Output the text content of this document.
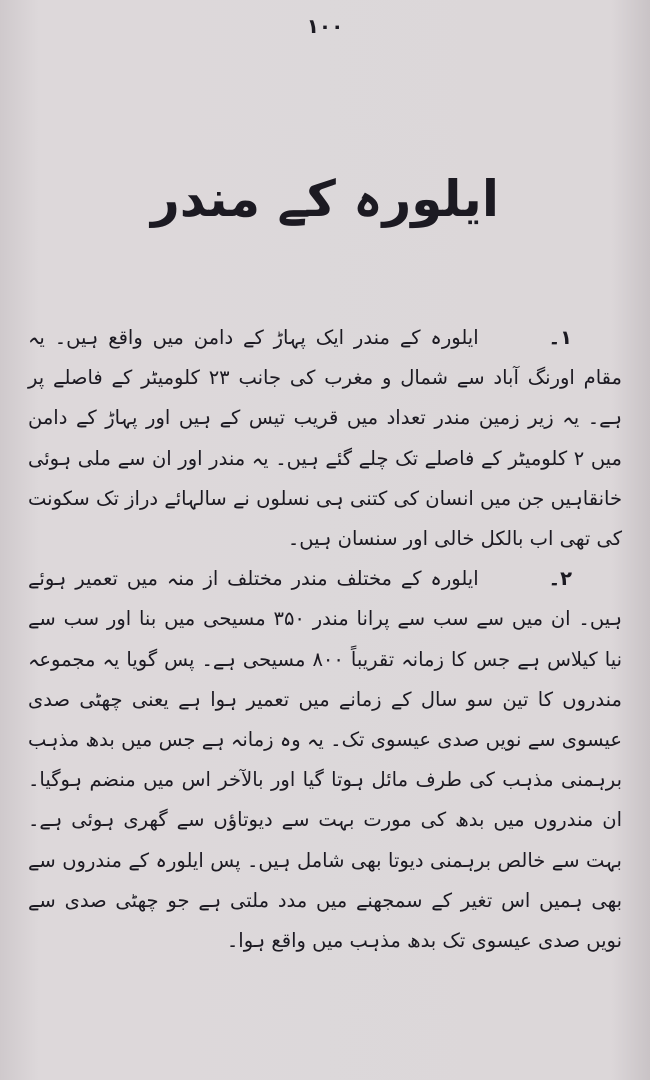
۱۰۰
ایلورہ کے مندر

۱۔ایلورہ کے مندر ایک پہاڑ کے دامن میں واقع ہیں۔ یہ مقام اورنگ آباد سے شمال و مغرب کی جانب ۲۳ کلومیٹر کے فاصلے پر ہے۔ یہ زیر زمین مندر تعداد میں قریب تیس کے ہیں اور پہاڑ کے دامن میں ۲ کلومیٹر کے فاصلے تک چلے گئے ہیں۔ یہ مندر اور ان سے ملی ہوئی خانقاہیں جن میں انسان کی کتنی ہی نسلوں نے سالہائے دراز تک سکونت کی تھی اب بالکل خالی اور سنسان ہیں۔

۲۔ایلورہ کے مختلف مندر مختلف از منہ میں تعمیر ہوئے ہیں۔ ان میں سے سب سے پرانا مندر ۳۵۰ مسیحی میں بنا اور سب سے نیا کیلاس ہے جس کا زمانہ تقریباً ۸۰۰ مسیحی ہے۔ پس گویا یہ مجموعہ مندروں کا تین سو سال کے زمانے میں تعمیر ہوا ہے یعنی چھٹی صدی عیسوی سے نویں صدی عیسوی تک۔ یہ وہ زمانہ ہے جس میں بدھ مذہب برہمنی مذہب کی طرف مائل ہوتا گیا اور بالآخر اس میں منضم ہوگیا۔ ان مندروں میں بدھ کی مورت بہت سے دیوتاؤں سے گھری ہوئی ہے۔ بہت سے خالص برہمنی دیوتا بھی شامل ہیں۔ پس ایلورہ کے مندروں سے بھی ہمیں اس تغیر کے سمجھنے میں مدد ملتی ہے جو چھٹی صدی سے نویں صدی عیسوی تک بدھ مذہب میں واقع ہوا۔
